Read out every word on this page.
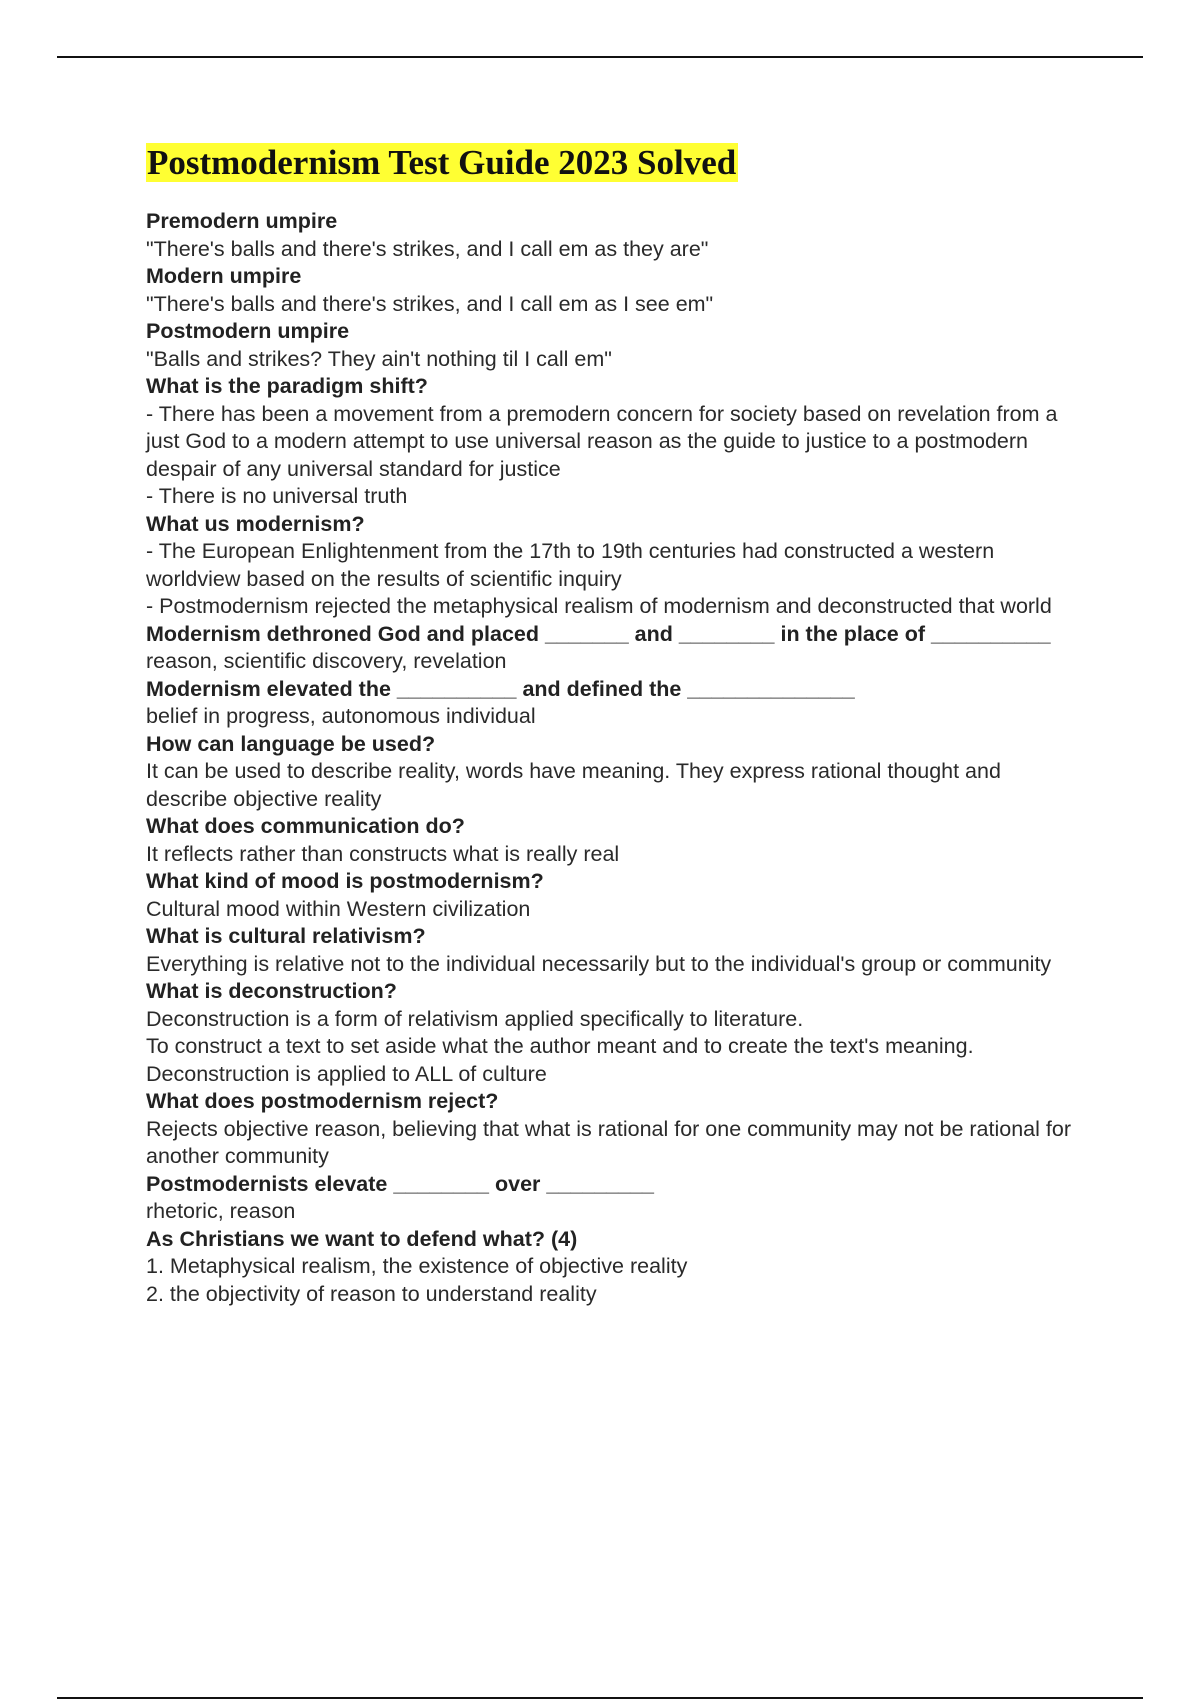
Postmodernism Test Guide 2023 Solved
Premodern umpire
"There's balls and there's strikes, and I call em as they are"
Modern umpire
"There's balls and there's strikes, and I call em as I see em"
Postmodern umpire
"Balls and strikes? They ain't nothing til I call em"
What is the paradigm shift?
- There has been a movement from a premodern concern for society based on revelation from a just God to a modern attempt to use universal reason as the guide to justice to a postmodern despair of any universal standard for justice
- There is no universal truth
What us modernism?
- The European Enlightenment from the 17th to 19th centuries had constructed a western worldview based on the results of scientific inquiry
- Postmodernism rejected the metaphysical realism of modernism and deconstructed that world
Modernism dethroned God and placed _______ and ________ in the place of __________
reason, scientific discovery, revelation
Modernism elevated the __________ and defined the ______________
belief in progress, autonomous individual
How can language be used?
It can be used to describe reality, words have meaning. They express rational thought and describe objective reality
What does communication do?
It reflects rather than constructs what is really real
What kind of mood is postmodernism?
Cultural mood within Western civilization
What is cultural relativism?
Everything is relative not to the individual necessarily but to the individual's group or community
What is deconstruction?
Deconstruction is a form of relativism applied specifically to literature.
To construct a text to set aside what the author meant and to create the text's meaning.
Deconstruction is applied to ALL of culture
What does postmodernism reject?
Rejects objective reason, believing that what is rational for one community may not be rational for another community
Postmodernists elevate ________ over _________
rhetoric, reason
As Christians we want to defend what? (4)
1. Metaphysical realism, the existence of objective reality
2. the objectivity of reason to understand reality
